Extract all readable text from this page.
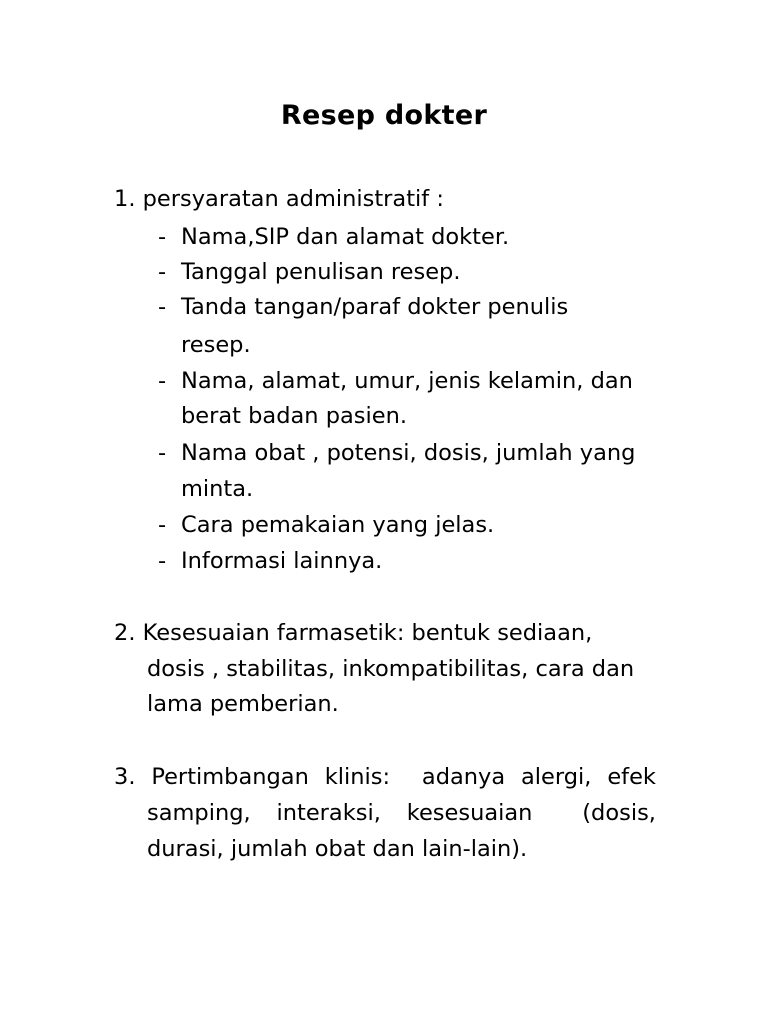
Resep dokter
1. persyaratan administratif :
- Nama,SIP dan alamat dokter.
- Tanggal penulisan resep.
- Tanda tangan/paraf dokter penulis
resep.
- Nama, alamat, umur, jenis kelamin, dan
berat badan pasien.
- Nama obat , potensi, dosis, jumlah yang
minta.
- Cara pemakaian yang jelas.
- Informasi lainnya.
2. Kesesuaian farmasetik: bentuk sediaan,
dosis , stabilitas, inkompatibilitas, cara dan
lama pemberian.
3. Pertimbangan klinis: adanya alergi, efek
samping, interaksi, kesesuaian (dosis,
durasi, jumlah obat dan lain-lain).
